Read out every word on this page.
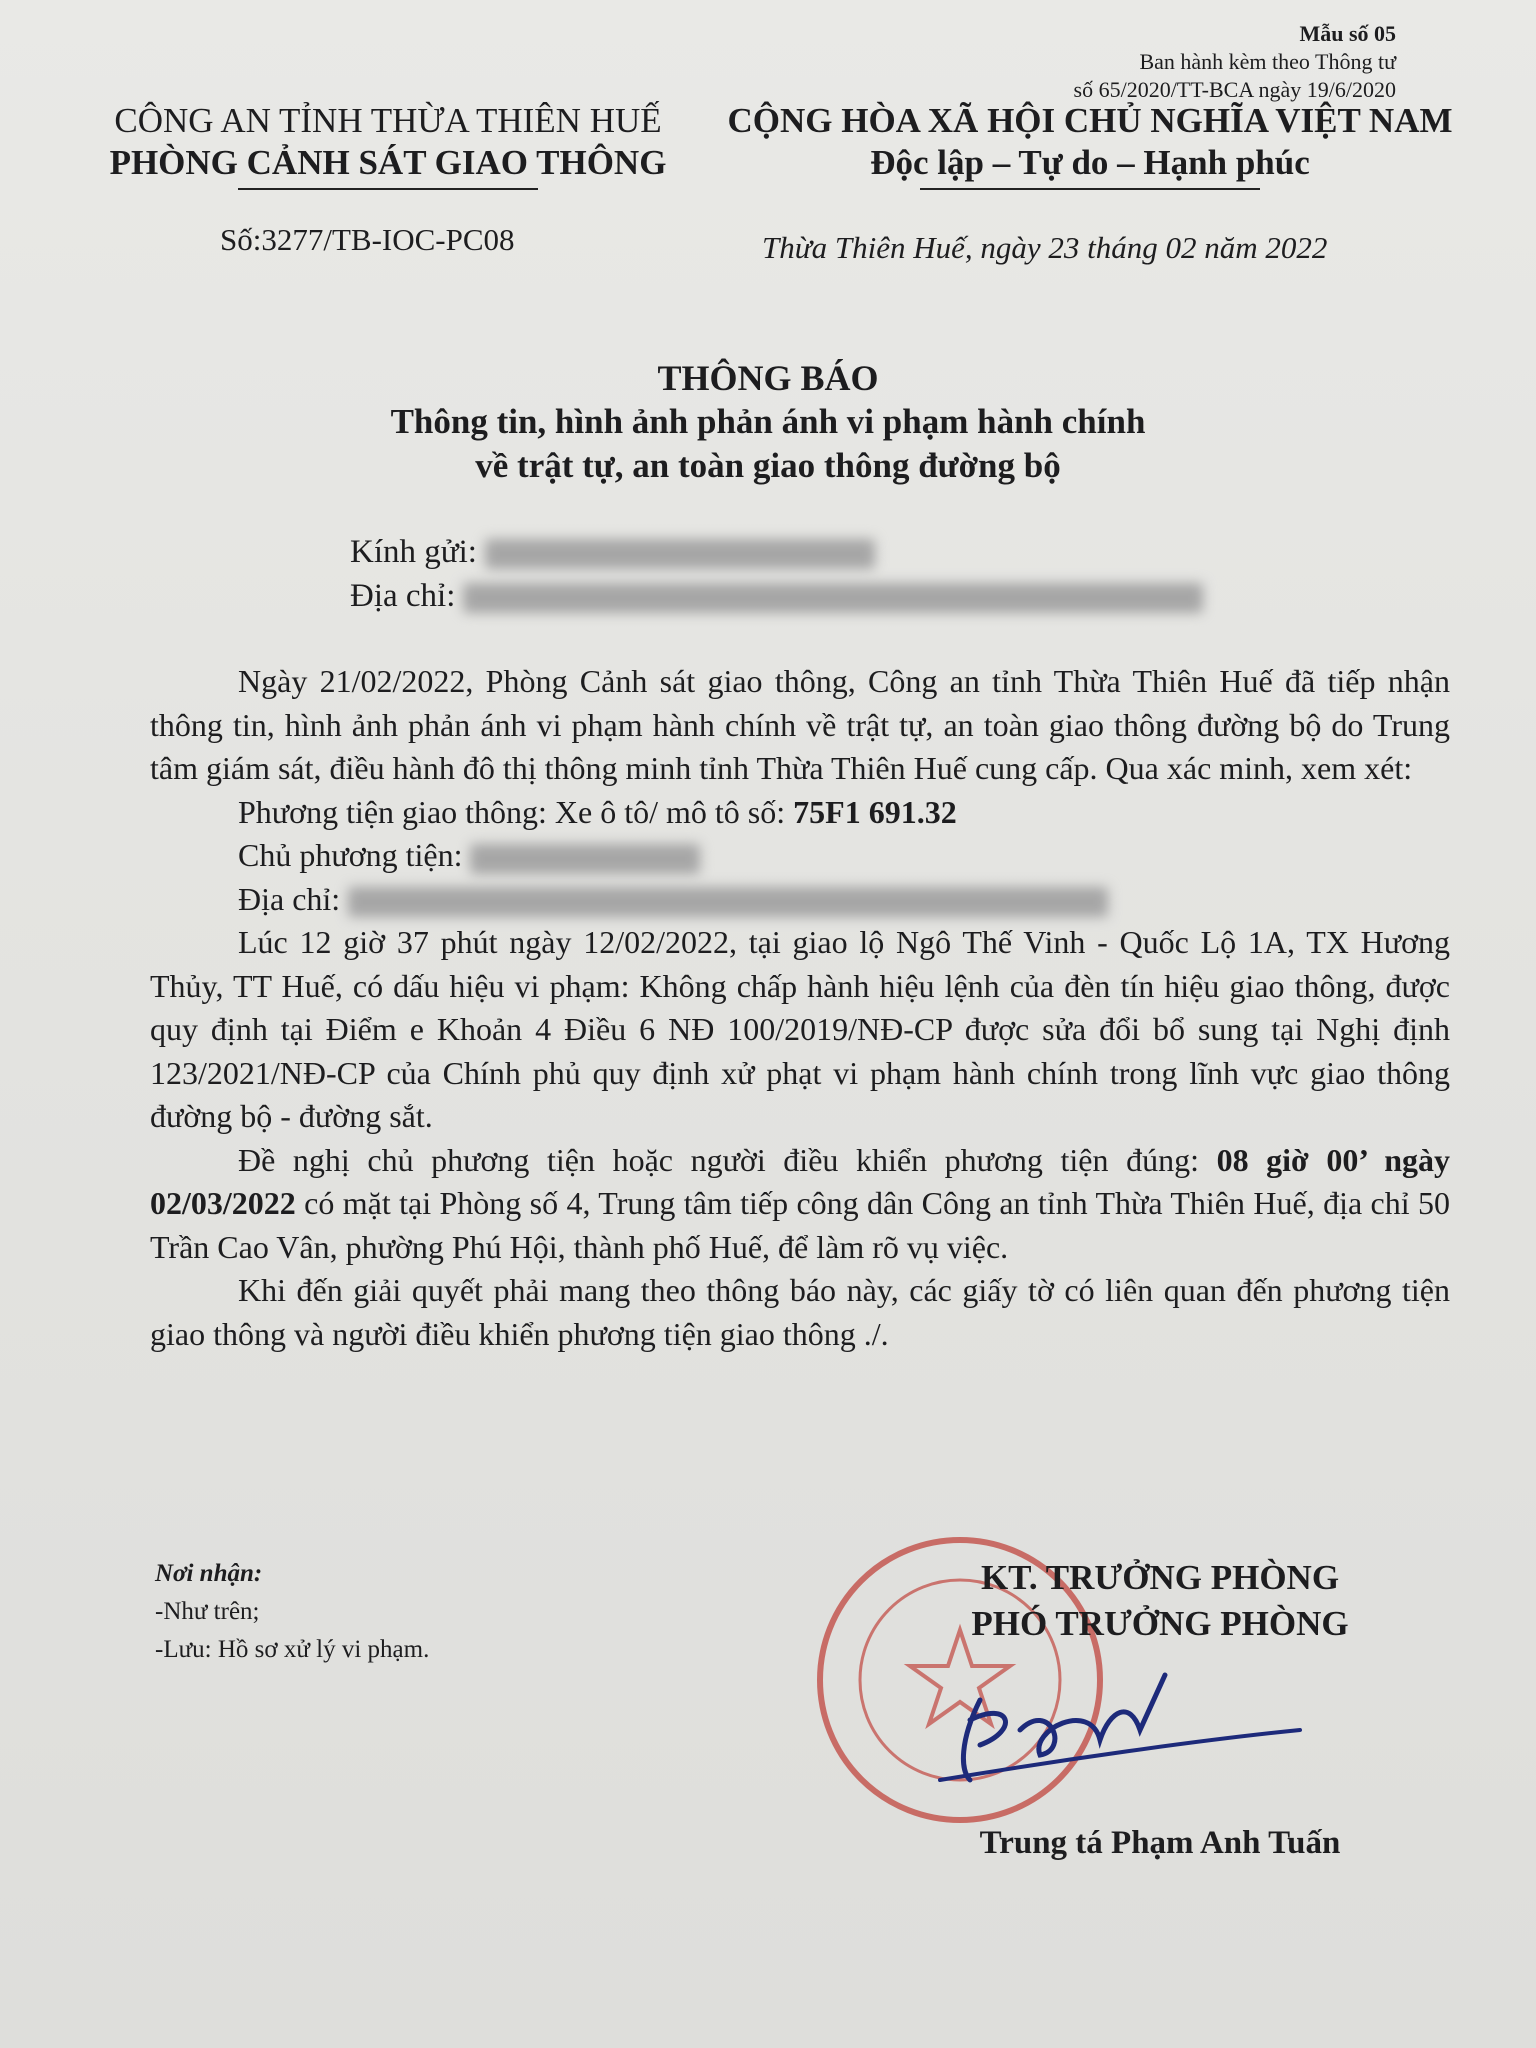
Mẫu số 05
Ban hành kèm theo Thông tư
số 65/2020/TT-BCA ngày 19/6/2020
CÔNG AN TỈNH THỪA THIÊN HUẾ
PHÒNG CẢNH SÁT GIAO THÔNG
Số:3277/TB-IOC-PC08
CỘNG HÒA XÃ HỘI CHỦ NGHĨA VIỆT NAM
Độc lập – Tự do – Hạnh phúc
Thừa Thiên Huế, ngày 23 tháng 02 năm 2022
THÔNG BÁO
Thông tin, hình ảnh phản ánh vi phạm hành chính
về trật tự, an toàn giao thông đường bộ
Kính gửi:
Địa chỉ:

Ngày 21/02/2022, Phòng Cảnh sát giao thông, Công an tỉnh Thừa Thiên Huế đã tiếp nhận thông tin, hình ảnh phản ánh vi phạm hành chính về trật tự, an toàn giao thông đường bộ do Trung tâm giám sát, điều hành đô thị thông minh tỉnh Thừa Thiên Huế cung cấp. Qua xác minh, xem xét:

Phương tiện giao thông: Xe ô tô/ mô tô số: 75F1 691.32

Chủ phương tiện:

Địa chỉ:

Lúc 12 giờ 37 phút ngày 12/02/2022, tại giao lộ Ngô Thế Vinh - Quốc Lộ 1A, TX Hương Thủy, TT Huế, có dấu hiệu vi phạm: Không chấp hành hiệu lệnh của đèn tín hiệu giao thông, được quy định tại Điểm e Khoản 4 Điều 6 NĐ 100/2019/NĐ-CP được sửa đổi bổ sung tại Nghị định 123/2021/NĐ-CP của Chính phủ quy định xử phạt vi phạm hành chính trong lĩnh vực giao thông đường bộ - đường sắt.

Đề nghị chủ phương tiện hoặc người điều khiển phương tiện đúng: 08 giờ 00’ ngày 02/03/2022 có mặt tại Phòng số 4, Trung tâm tiếp công dân Công an tỉnh Thừa Thiên Huế, địa chỉ 50 Trần Cao Vân, phường Phú Hội, thành phố Huế, để làm rõ vụ việc.

Khi đến giải quyết phải mang theo thông báo này, các giấy tờ có liên quan đến phương tiện giao thông và người điều khiển phương tiện giao thông ./.

Nơi nhận:
-Như trên;
-Lưu: Hồ sơ xử lý vi phạm.
KT. TRƯỞNG PHÒNG
PHÓ TRƯỞNG PHÒNG
Trung tá Phạm Anh Tuấn
